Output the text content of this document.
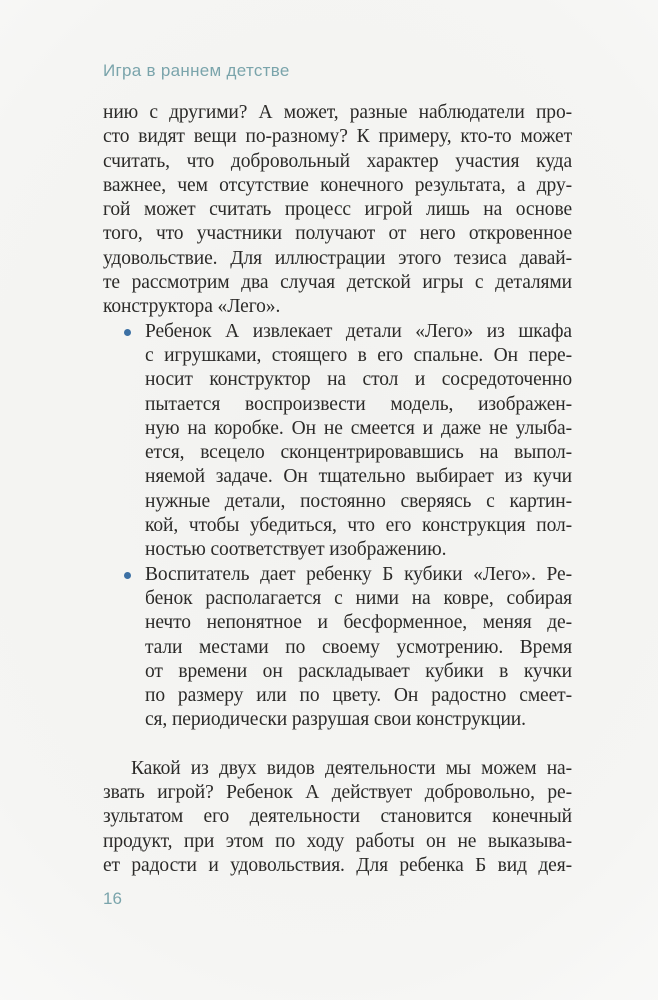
Игра в раннем детстве
нию с другими? А может, разные наблюдатели про-
сто видят вещи по-разному? К примеру, кто-то может
считать, что добровольный характер участия куда
важнее, чем отсутствие конечного результата, а дру-
гой может считать процесс игрой лишь на основе
того, что участники получают от него откровенное
удовольствие. Для иллюстрации этого тезиса давай-
те рассмотрим два случая детской игры с деталями
конструктора «Лего».
Ребенок А извлекает детали «Лего» из шкафа
с игрушками, стоящего в его спальне. Он пере-
носит конструктор на стол и сосредоточенно
пытается воспроизвести модель, изображен-
ную на коробке. Он не смеется и даже не улыба-
ется, всецело сконцентрировавшись на выпол-
няемой задаче. Он тщательно выбирает из кучи
нужные детали, постоянно сверяясь с картин-
кой, чтобы убедиться, что его конструкция пол-
ностью соответствует изображению.
Воспитатель дает ребенку Б кубики «Лего». Ре-
бенок располагается с ними на ковре, собирая
нечто непонятное и бесформенное, меняя де-
тали местами по своему усмотрению. Время
от времени он раскладывает кубики в кучки
по размеру или по цвету. Он радостно смеет-
ся, периодически разрушая свои конструкции.
Какой из двух видов деятельности мы можем на-
звать игрой? Ребенок А действует добровольно, ре-
зультатом его деятельности становится конечный
продукт, при этом по ходу работы он не выказыва-
ет радости и удовольствия. Для ребенка Б вид дея-
16
